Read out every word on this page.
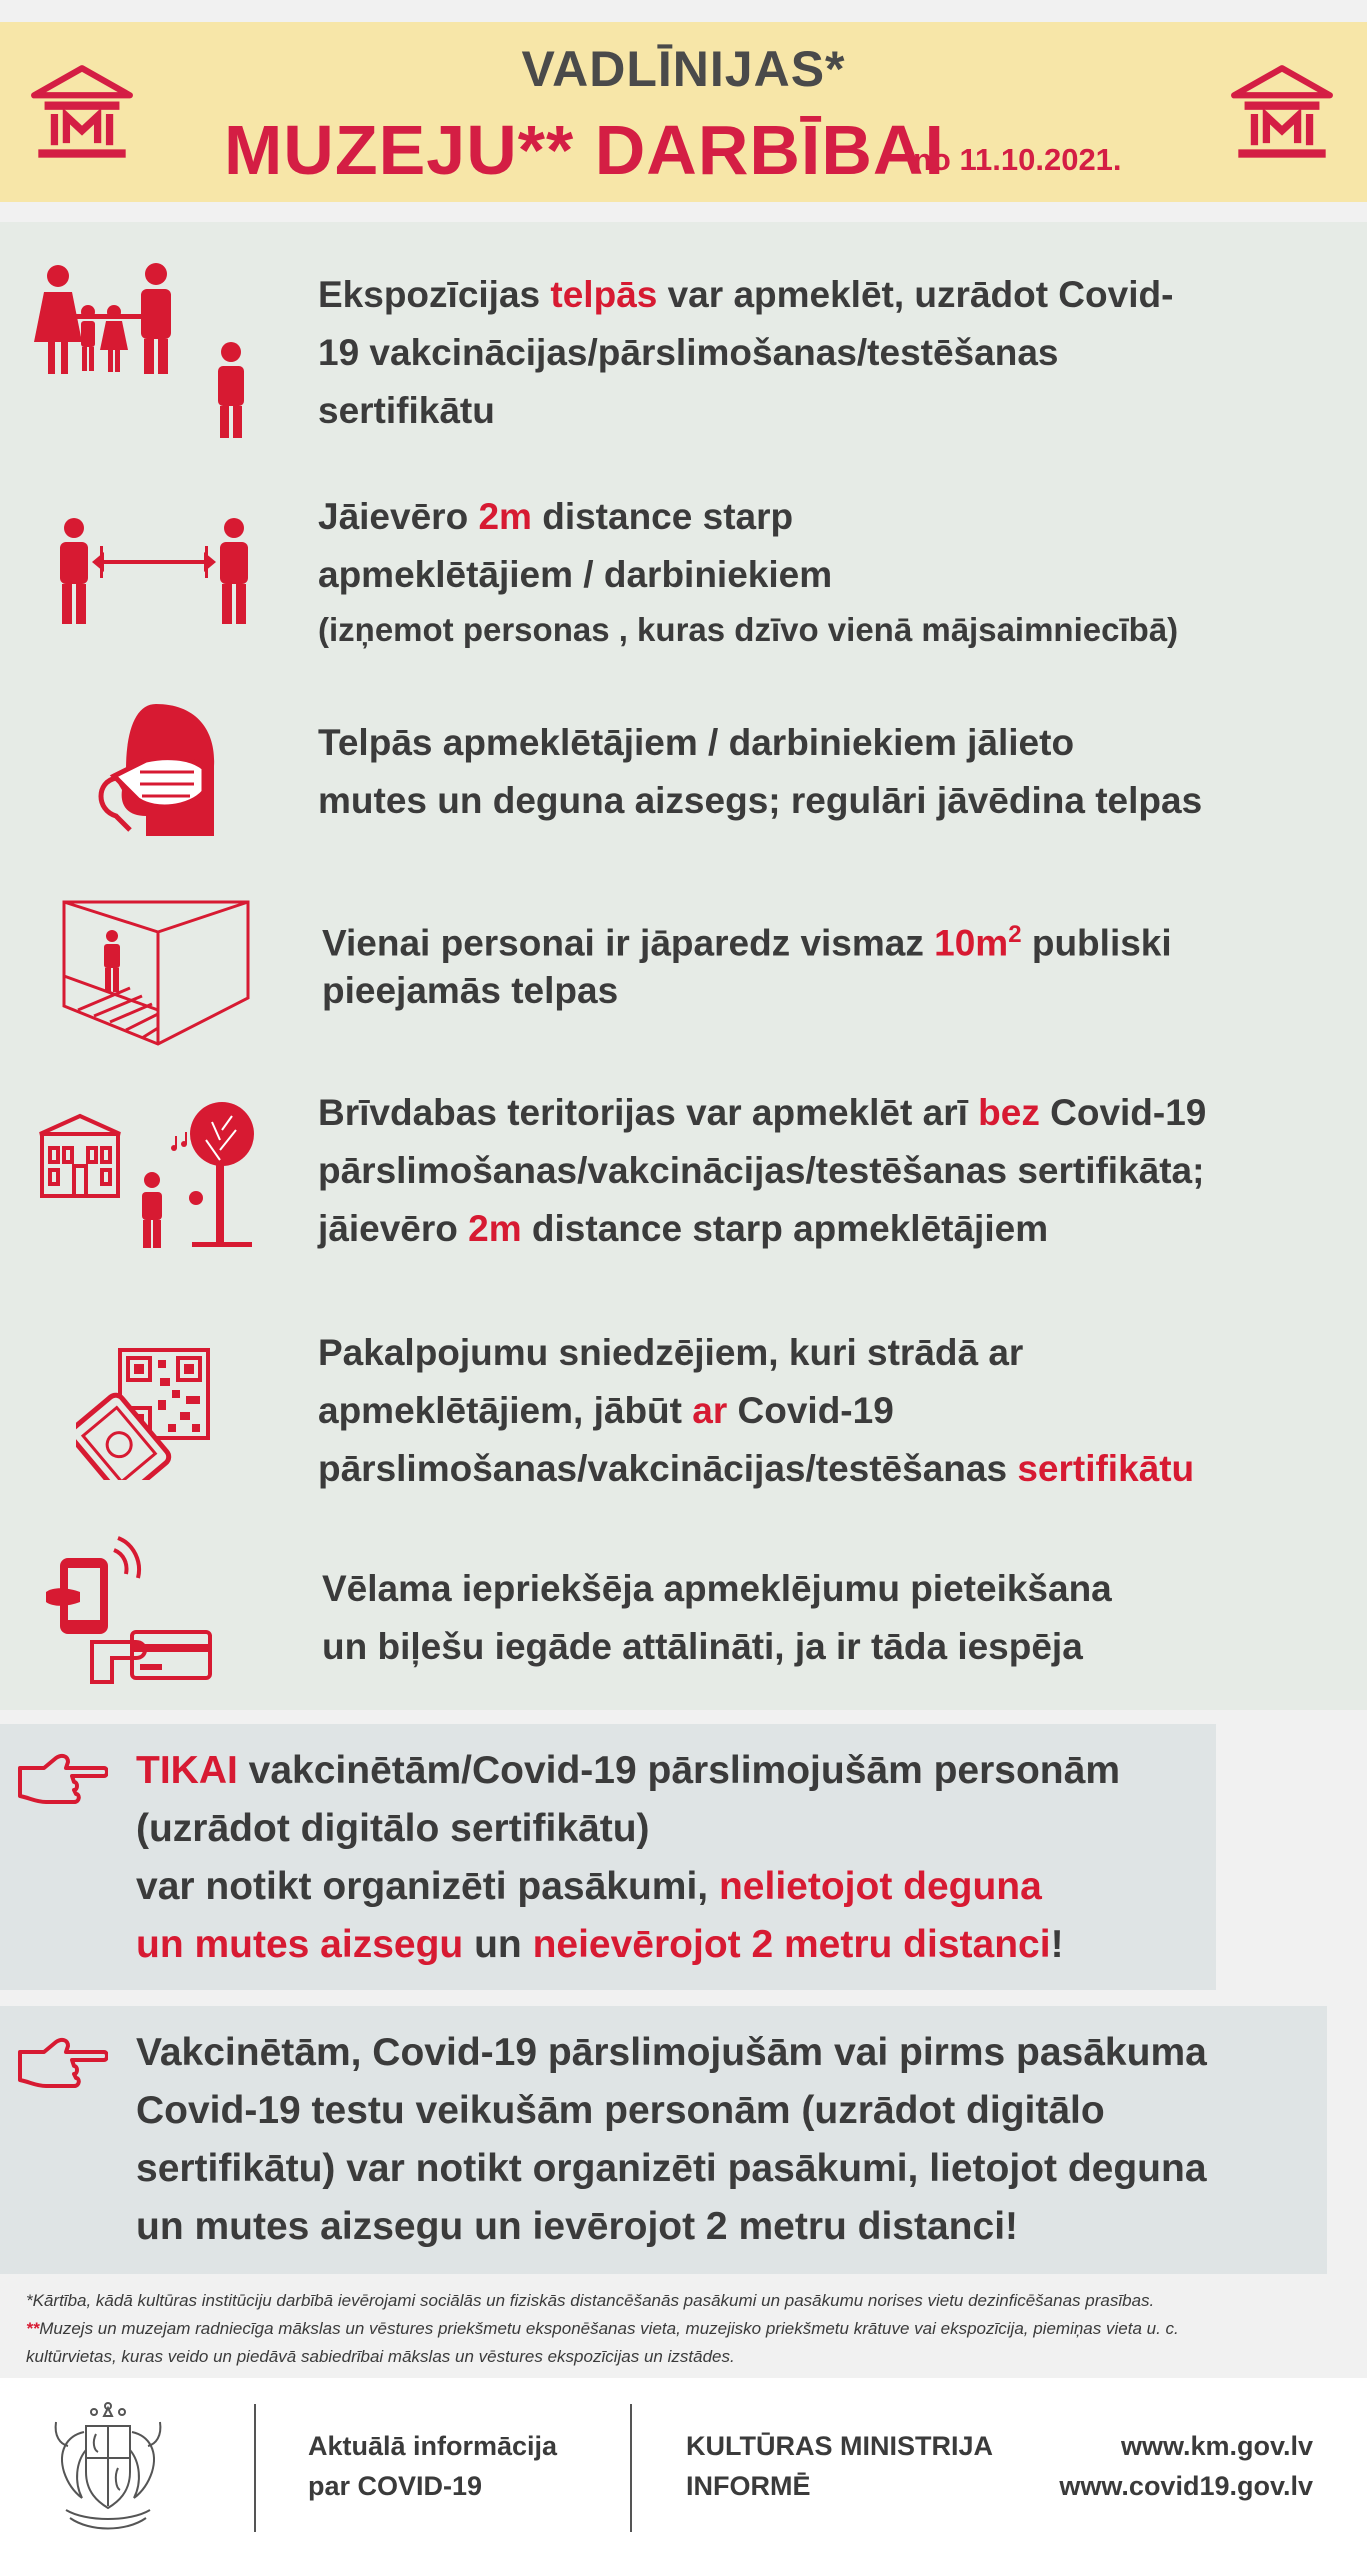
VADLĪNIJAS*
MUZEJU** DARBĪBAI
no 11.10.2021.
Ekspozīcijas telpās var apmeklēt, uzrādot Covid-
19 vakcinācijas/pārslimošanas/testēšanas
sertifikātu
Jāievēro 2m distance starp
apmeklētājiem / darbiniekiem
(izņemot personas , kuras dzīvo vienā mājsaimniecībā)
Telpās apmeklētājiem / darbiniekiem jālieto
mutes un deguna aizsegs; regulāri jāvēdina telpas
Vienai personai ir jāparedz vismaz $10m^2$ publiski
pieejamās telpas
Brīvdabas teritorijas var apmeklēt arī bez Covid-19
pārslimošanas/vakcinācijas/testēšanas sertifikāta;
jāievēro 2m distance starp apmeklētājiem
Pakalpojumu sniedzējiem, kuri strādā ar
apmeklētājiem, jābūt ar Covid-19
pārslimošanas/vakcinācijas/testēšanas sertifikātu
Vēlama iepriekšēja apmeklējumu pieteikšana
un biļešu iegāde attālināti, ja ir tāda iespēja
TIKAI vakcinētām/Covid-19 pārslimojušām personām
(uzrādot digitālo sertifikātu)
var notikt organizēti pasākumi, nelietojot deguna
un mutes aizsegu un neievērojot 2 metru distanci!
Vakcinētām, Covid-19 pārslimojušām vai pirms pasākuma
Covid-19 testu veikušām personām (uzrādot digitālo
sertifikātu) var notikt organizēti pasākumi, lietojot deguna
un mutes aizsegu un ievērojot 2 metru distanci!
*Kārtība, kādā kultūras institūciju darbībā ievērojami sociālās un fiziskās distancēšanās pasākumi un pasākumu norises vietu dezinficēšanas prasības.
**Muzejs un muzejam radniecīga mākslas un vēstures priekšmetu eksponēšanas vieta, muzejisko priekšmetu krātuve vai ekspozīcija, piemiņas vieta u. c.
kultūrvietas, kuras veido un piedāvā sabiedrībai mākslas un vēstures ekspozīcijas un izstādes.
Aktuālā informācija
par COVID-19
KULTŪRAS MINISTRIJA
INFORMĒ
www.km.gov.lv
www.covid19.gov.lv
